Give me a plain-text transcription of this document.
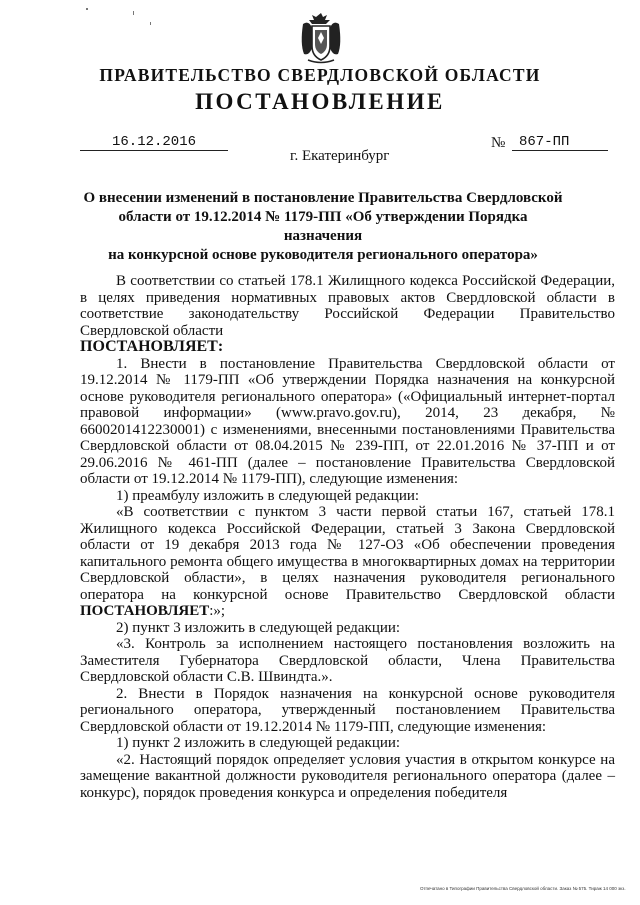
ПРАВИТЕЛЬСТВО СВЕРДЛОВСКОЙ ОБЛАСТИ
ПОСТАНОВЛЕНИЕ
16.12.2016	№ 867-ПП
г. Екатеринбург
О внесении изменений в постановление Правительства Свердловской
области от 19.12.2014 № 1179-ПП «Об утверждении Порядка назначения
на конкурсной основе руководителя регионального оператора»

В соответствии со статьей 178.1 Жилищного кодекса Российской Федерации, в целях приведения нормативных правовых актов Свердловской области в соответствие законодательству Российской Федерации Правительство Свердловской области

ПОСТАНОВЛЯЕТ:

1. Внести в постановление Правительства Свердловской области от 19.12.2014 № 1179-ПП «Об утверждении Порядка назначения на конкурсной основе руководителя регионального оператора» («Официальный интернет-портал правовой информации» (www.pravo.gov.ru), 2014, 23 декабря, № 6600201412230001) с изменениями, внесенными постановлениями Правительства Свердловской области от 08.04.2015 № 239-ПП, от 22.01.2016 № 37-ПП и от 29.06.2016 № 461-ПП (далее – постановление Правительства Свердловской области от 19.12.2014 № 1179-ПП), следующие изменения:

1) преамбулу изложить в следующей редакции:

«В соответствии с пунктом 3 части первой статьи 167, статьей 178.1 Жилищного кодекса Российской Федерации, статьей 3 Закона Свердловской области от 19 декабря 2013 года № 127-ОЗ «Об обеспечении проведения капитального ремонта общего имущества в многоквартирных домах на территории Свердловской области», в целях назначения руководителя регионального оператора на конкурсной основе Правительство Свердловской области ПОСТАНОВЛЯЕТ:»;

2) пункт 3 изложить в следующей редакции:

«3. Контроль за исполнением настоящего постановления возложить на Заместителя Губернатора Свердловской области, Члена Правительства Свердловской области С.В. Швиндта.».

2. Внести в Порядок назначения на конкурсной основе руководителя регионального оператора, утвержденный постановлением Правительства Свердловской области от 19.12.2014 № 1179-ПП, следующие изменения:

1) пункт 2 изложить в следующей редакции:

«2. Настоящий порядок определяет условия участия в открытом конкурсе на замещение вакантной должности руководителя регионального оператора (далее – конкурс), порядок проведения конкурса и определения победителя

Отпечатано в Типографии Правительства Свердловской области. Заказ № 575. Тираж 14 000 экз.
